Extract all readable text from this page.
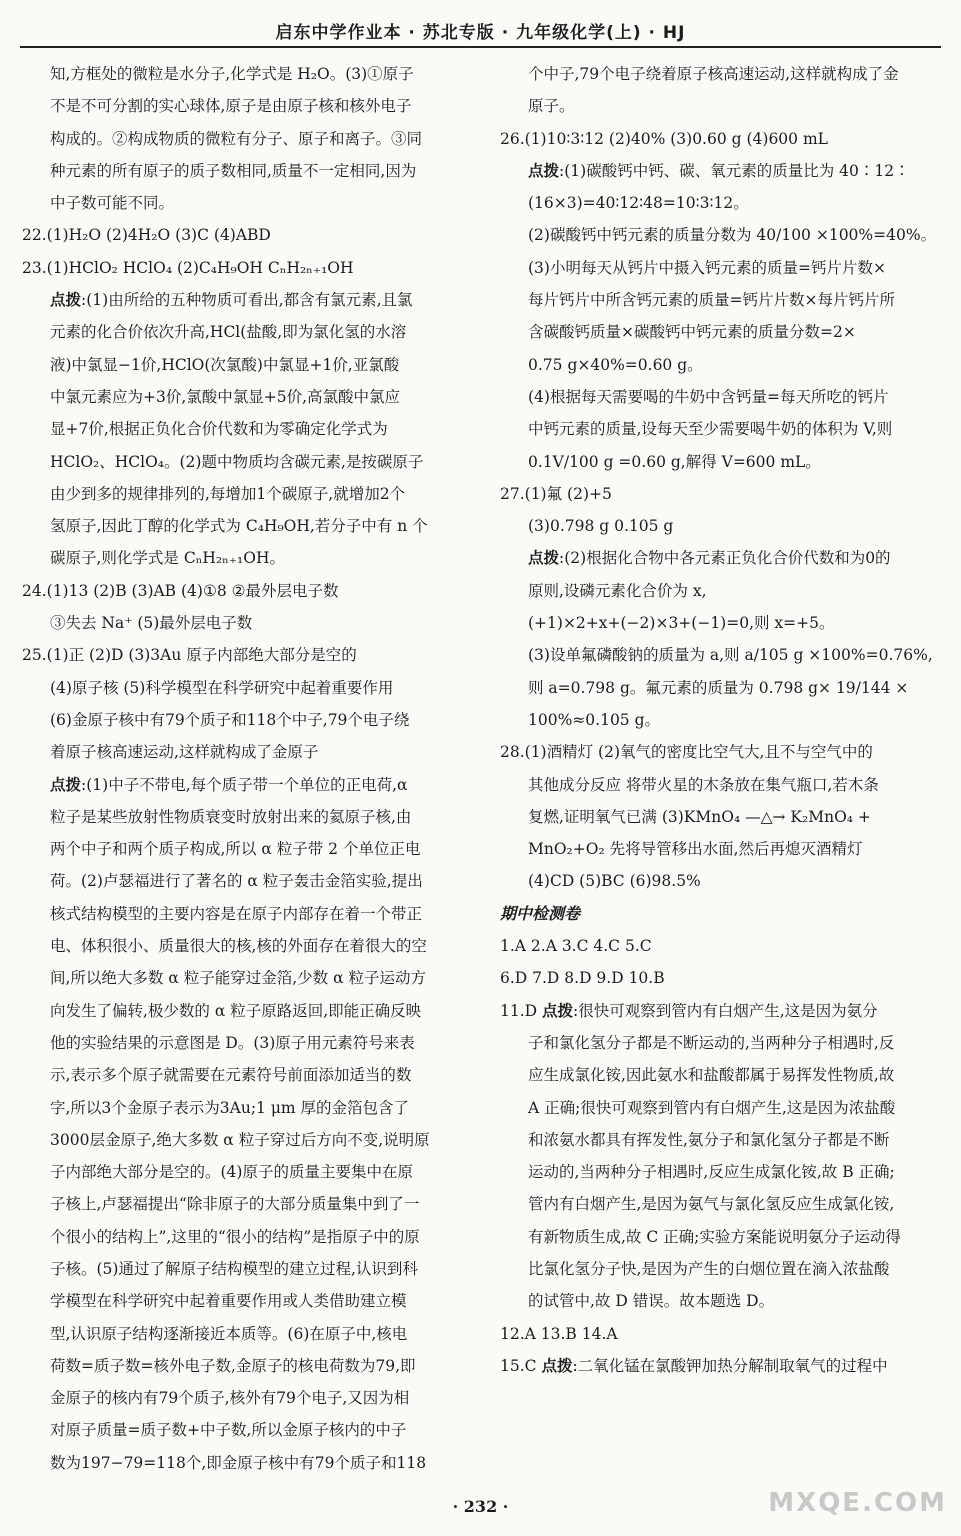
启东中学作业本 · 苏北专版 · 九年级化学(上) · HJ
知,方框处的微粒是水分子,化学式是 H₂O。(3)①原子
不是不可分割的实心球体,原子是由原子核和核外电子
构成的。②构成物质的微粒有分子、原子和离子。③同
种元素的所有原子的质子数相同,质量不一定相同,因为
中子数可能不同。
22.(1)H₂O (2)4H₂O (3)C (4)ABD
23.(1)HClO₂ HClO₄ (2)C₄H₉OH CₙH₂ₙ₊₁OH
点拨:(1)由所给的五种物质可看出,都含有氯元素,且氯
元素的化合价依次升高,HCl(盐酸,即为氯化氢的水溶
液)中氯显−1价,HClO(次氯酸)中氯显+1价,亚氯酸
中氯元素应为+3价,氯酸中氯显+5价,高氯酸中氯应
显+7价,根据正负化合价代数和为零确定化学式为
HClO₂、HClO₄。(2)题中物质均含碳元素,是按碳原子
由少到多的规律排列的,每增加1个碳原子,就增加2个
氢原子,因此丁醇的化学式为 C₄H₉OH,若分子中有 n 个
碳原子,则化学式是 CₙH₂ₙ₊₁OH。
24.(1)13 (2)B (3)AB (4)①8 ②最外层电子数
③失去 Na⁺ (5)最外层电子数
25.(1)正 (2)D (3)3Au 原子内部绝大部分是空的
(4)原子核 (5)科学模型在科学研究中起着重要作用
(6)金原子核中有79个质子和118个中子,79个电子绕
着原子核高速运动,这样就构成了金原子
点拨:(1)中子不带电,每个质子带一个单位的正电荷,α
粒子是某些放射性物质衰变时放射出来的氦原子核,由
两个中子和两个质子构成,所以 α 粒子带 2 个单位正电
荷。(2)卢瑟福进行了著名的 α 粒子轰击金箔实验,提出
核式结构模型的主要内容是在原子内部存在着一个带正
电、体积很小、质量很大的核,核的外面存在着很大的空
间,所以绝大多数 α 粒子能穿过金箔,少数 α 粒子运动方
向发生了偏转,极少数的 α 粒子原路返回,即能正确反映
他的实验结果的示意图是 D。(3)原子用元素符号来表
示,表示多个原子就需要在元素符号前面添加适当的数
字,所以3个金原子表示为3Au;1 μm 厚的金箔包含了
3000层金原子,绝大多数 α 粒子穿过后方向不变,说明原
子内部绝大部分是空的。(4)原子的质量主要集中在原
子核上,卢瑟福提出“除非原子的大部分质量集中到了一
个很小的结构上”,这里的“很小的结构”是指原子中的原
子核。(5)通过了解原子结构模型的建立过程,认识到科
学模型在科学研究中起着重要作用或人类借助建立模
型,认识原子结构逐渐接近本质等。(6)在原子中,核电
荷数=质子数=核外电子数,金原子的核电荷数为79,即
金原子的核内有79个质子,核外有79个电子,又因为相
对原子质量=质子数+中子数,所以金原子核内的中子
数为197−79=118个,即金原子核中有79个质子和118
个中子,79个电子绕着原子核高速运动,这样就构成了金
原子。
26.(1)10∶3∶12 (2)40% (3)0.60 g (4)600 mL
点拨:(1)碳酸钙中钙、碳、氧元素的质量比为 40∶12∶
(16×3)=40∶12∶48=10∶3∶12。
(2)碳酸钙中钙元素的质量分数为 40/100 ×100%=40%。
(3)小明每天从钙片中摄入钙元素的质量=钙片片数×
每片钙片中所含钙元素的质量=钙片片数×每片钙片所
含碳酸钙质量×碳酸钙中钙元素的质量分数=2×
0.75 g×40%=0.60 g。
(4)根据每天需要喝的牛奶中含钙量=每天所吃的钙片
中钙元素的质量,设每天至少需要喝牛奶的体积为 V,则
0.1V/100 g =0.60 g,解得 V=600 mL。
27.(1)氟 (2)+5
(3)0.798 g 0.105 g
点拨:(2)根据化合物中各元素正负化合价代数和为0的
原则,设磷元素化合价为 x,
(+1)×2+x+(−2)×3+(−1)=0,则 x=+5。
(3)设单氟磷酸钠的质量为 a,则 a/105 g ×100%=0.76%,
则 a=0.798 g。氟元素的质量为 0.798 g× 19/144 ×
100%≈0.105 g。
28.(1)酒精灯 (2)氧气的密度比空气大,且不与空气中的
其他成分反应 将带火星的木条放在集气瓶口,若木条
复燃,证明氧气已满 (3)KMnO₄ —△→ K₂MnO₄ +
MnO₂+O₂ 先将导管移出水面,然后再熄灭酒精灯
(4)CD (5)BC (6)98.5%
期中检测卷
1.A 2.A 3.C 4.C 5.C
6.D 7.D 8.D 9.D 10.B
11.D 点拨:很快可观察到管内有白烟产生,这是因为氨分
子和氯化氢分子都是不断运动的,当两种分子相遇时,反
应生成氯化铵,因此氨水和盐酸都属于易挥发性物质,故
A 正确;很快可观察到管内有白烟产生,这是因为浓盐酸
和浓氨水都具有挥发性,氨分子和氯化氢分子都是不断
运动的,当两种分子相遇时,反应生成氯化铵,故 B 正确;
管内有白烟产生,是因为氨气与氯化氢反应生成氯化铵,
有新物质生成,故 C 正确;实验方案能说明氨分子运动得
比氯化氢分子快,是因为产生的白烟位置在滴入浓盐酸
的试管中,故 D 错误。故本题选 D。
12.A 13.B 14.A
15.C 点拨:二氧化锰在氯酸钾加热分解制取氧气的过程中
· 232 ·	MXQE.COM
